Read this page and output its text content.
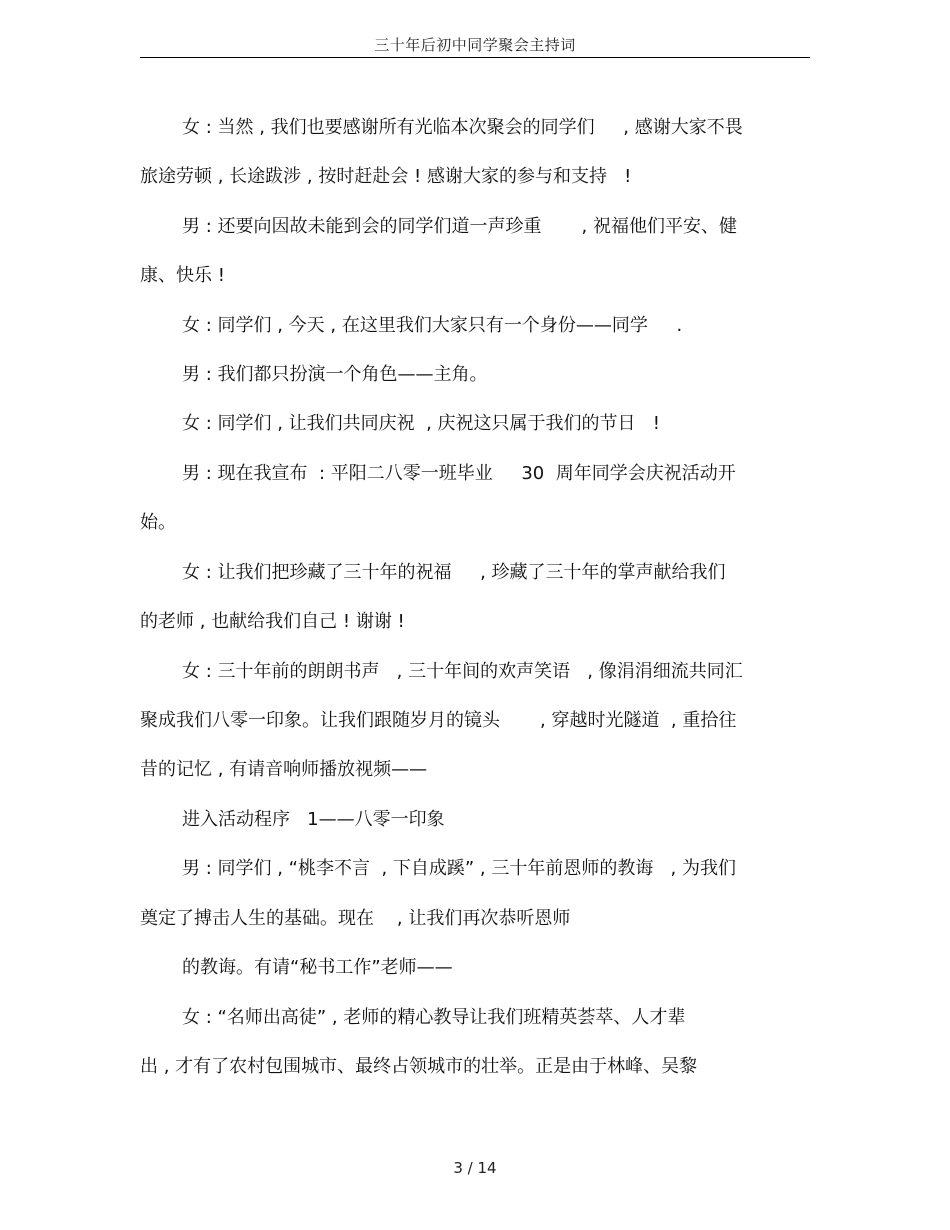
三十年后初中同学聚会主持词
女 : 当然 , 我们也要感谢所有光临本次聚会的同学们     , 感谢大家不畏
旅途劳顿 , 长途跋涉 , 按时赶赴会 ! 感谢大家的参与和支持   !
男 : 还要向因故未能到会的同学们道一声珍重       , 祝福他们平安、健
康、快乐 !
女 : 同学们 , 今天 , 在这里我们大家只有一个身份——同学     .
男 : 我们都只扮演一个角色——主角。
女 : 同学们 , 让我们共同庆祝  , 庆祝这只属于我们的节日   !
男 : 现在我宣布  : 平阳二八零一班毕业     30  周年同学会庆祝活动开
始。
女 : 让我们把珍藏了三十年的祝福     , 珍藏了三十年的掌声献给我们
的老师 , 也献给我们自己 ! 谢谢 !
女 : 三十年前的朗朗书声   , 三十年间的欢声笑语   , 像涓涓细流共同汇
聚成我们八零一印象。让我们跟随岁月的镜头       , 穿越时光隧道  , 重拾往
昔的记忆 , 有请音响师播放视频——
进入活动程序   1——八零一印象
男 : 同学们 , “桃李不言  , 下自成蹊” , 三十年前恩师的教诲   , 为我们
奠定了搏击人生的基础。现在    , 让我们再次恭听恩师
的教诲。有请“秘书工作”老师——
女 : “名师出高徒” , 老师的精心教导让我们班精英荟萃、人才辈
出 , 才有了农村包围城市、最终占领城市的壮举。正是由于林峰、吴黎
3 / 14
